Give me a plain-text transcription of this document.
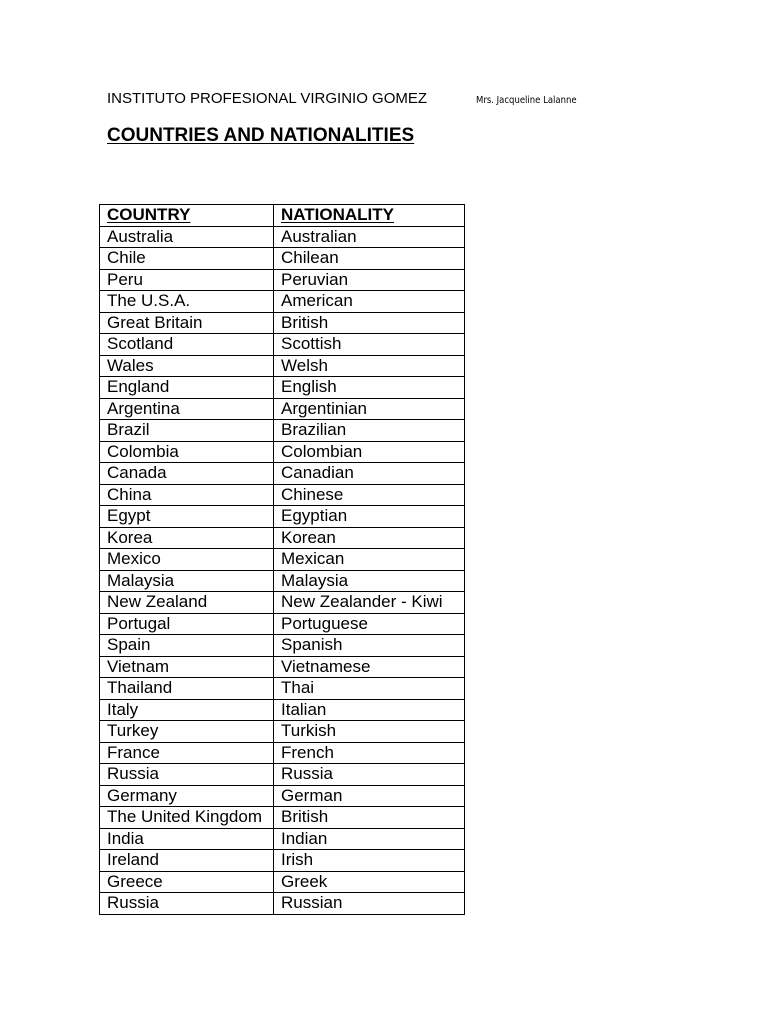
INSTITUTO PROFESIONAL VIRGINIO GOMEZ	Mrs. Jacqueline Lalanne
COUNTRIES AND NATIONALITIES
COUNTRY	NATIONALITY
Australia	Australian
Chile	Chilean
Peru	Peruvian
The U.S.A.	American
Great Britain	British
Scotland	Scottish
Wales	Welsh
England	English
Argentina	Argentinian
Brazil	Brazilian
Colombia	Colombian
Canada	Canadian
China	Chinese
Egypt	Egyptian
Korea	Korean
Mexico	Mexican
Malaysia	Malaysia
New Zealand	New Zealander - Kiwi
Portugal	Portuguese
Spain	Spanish
Vietnam	Vietnamese
Thailand	Thai
Italy	Italian
Turkey	Turkish
France	French
Russia	Russia
Germany	German
The United Kingdom	British
India	Indian
Ireland	Irish
Greece	Greek
Russia	Russian
